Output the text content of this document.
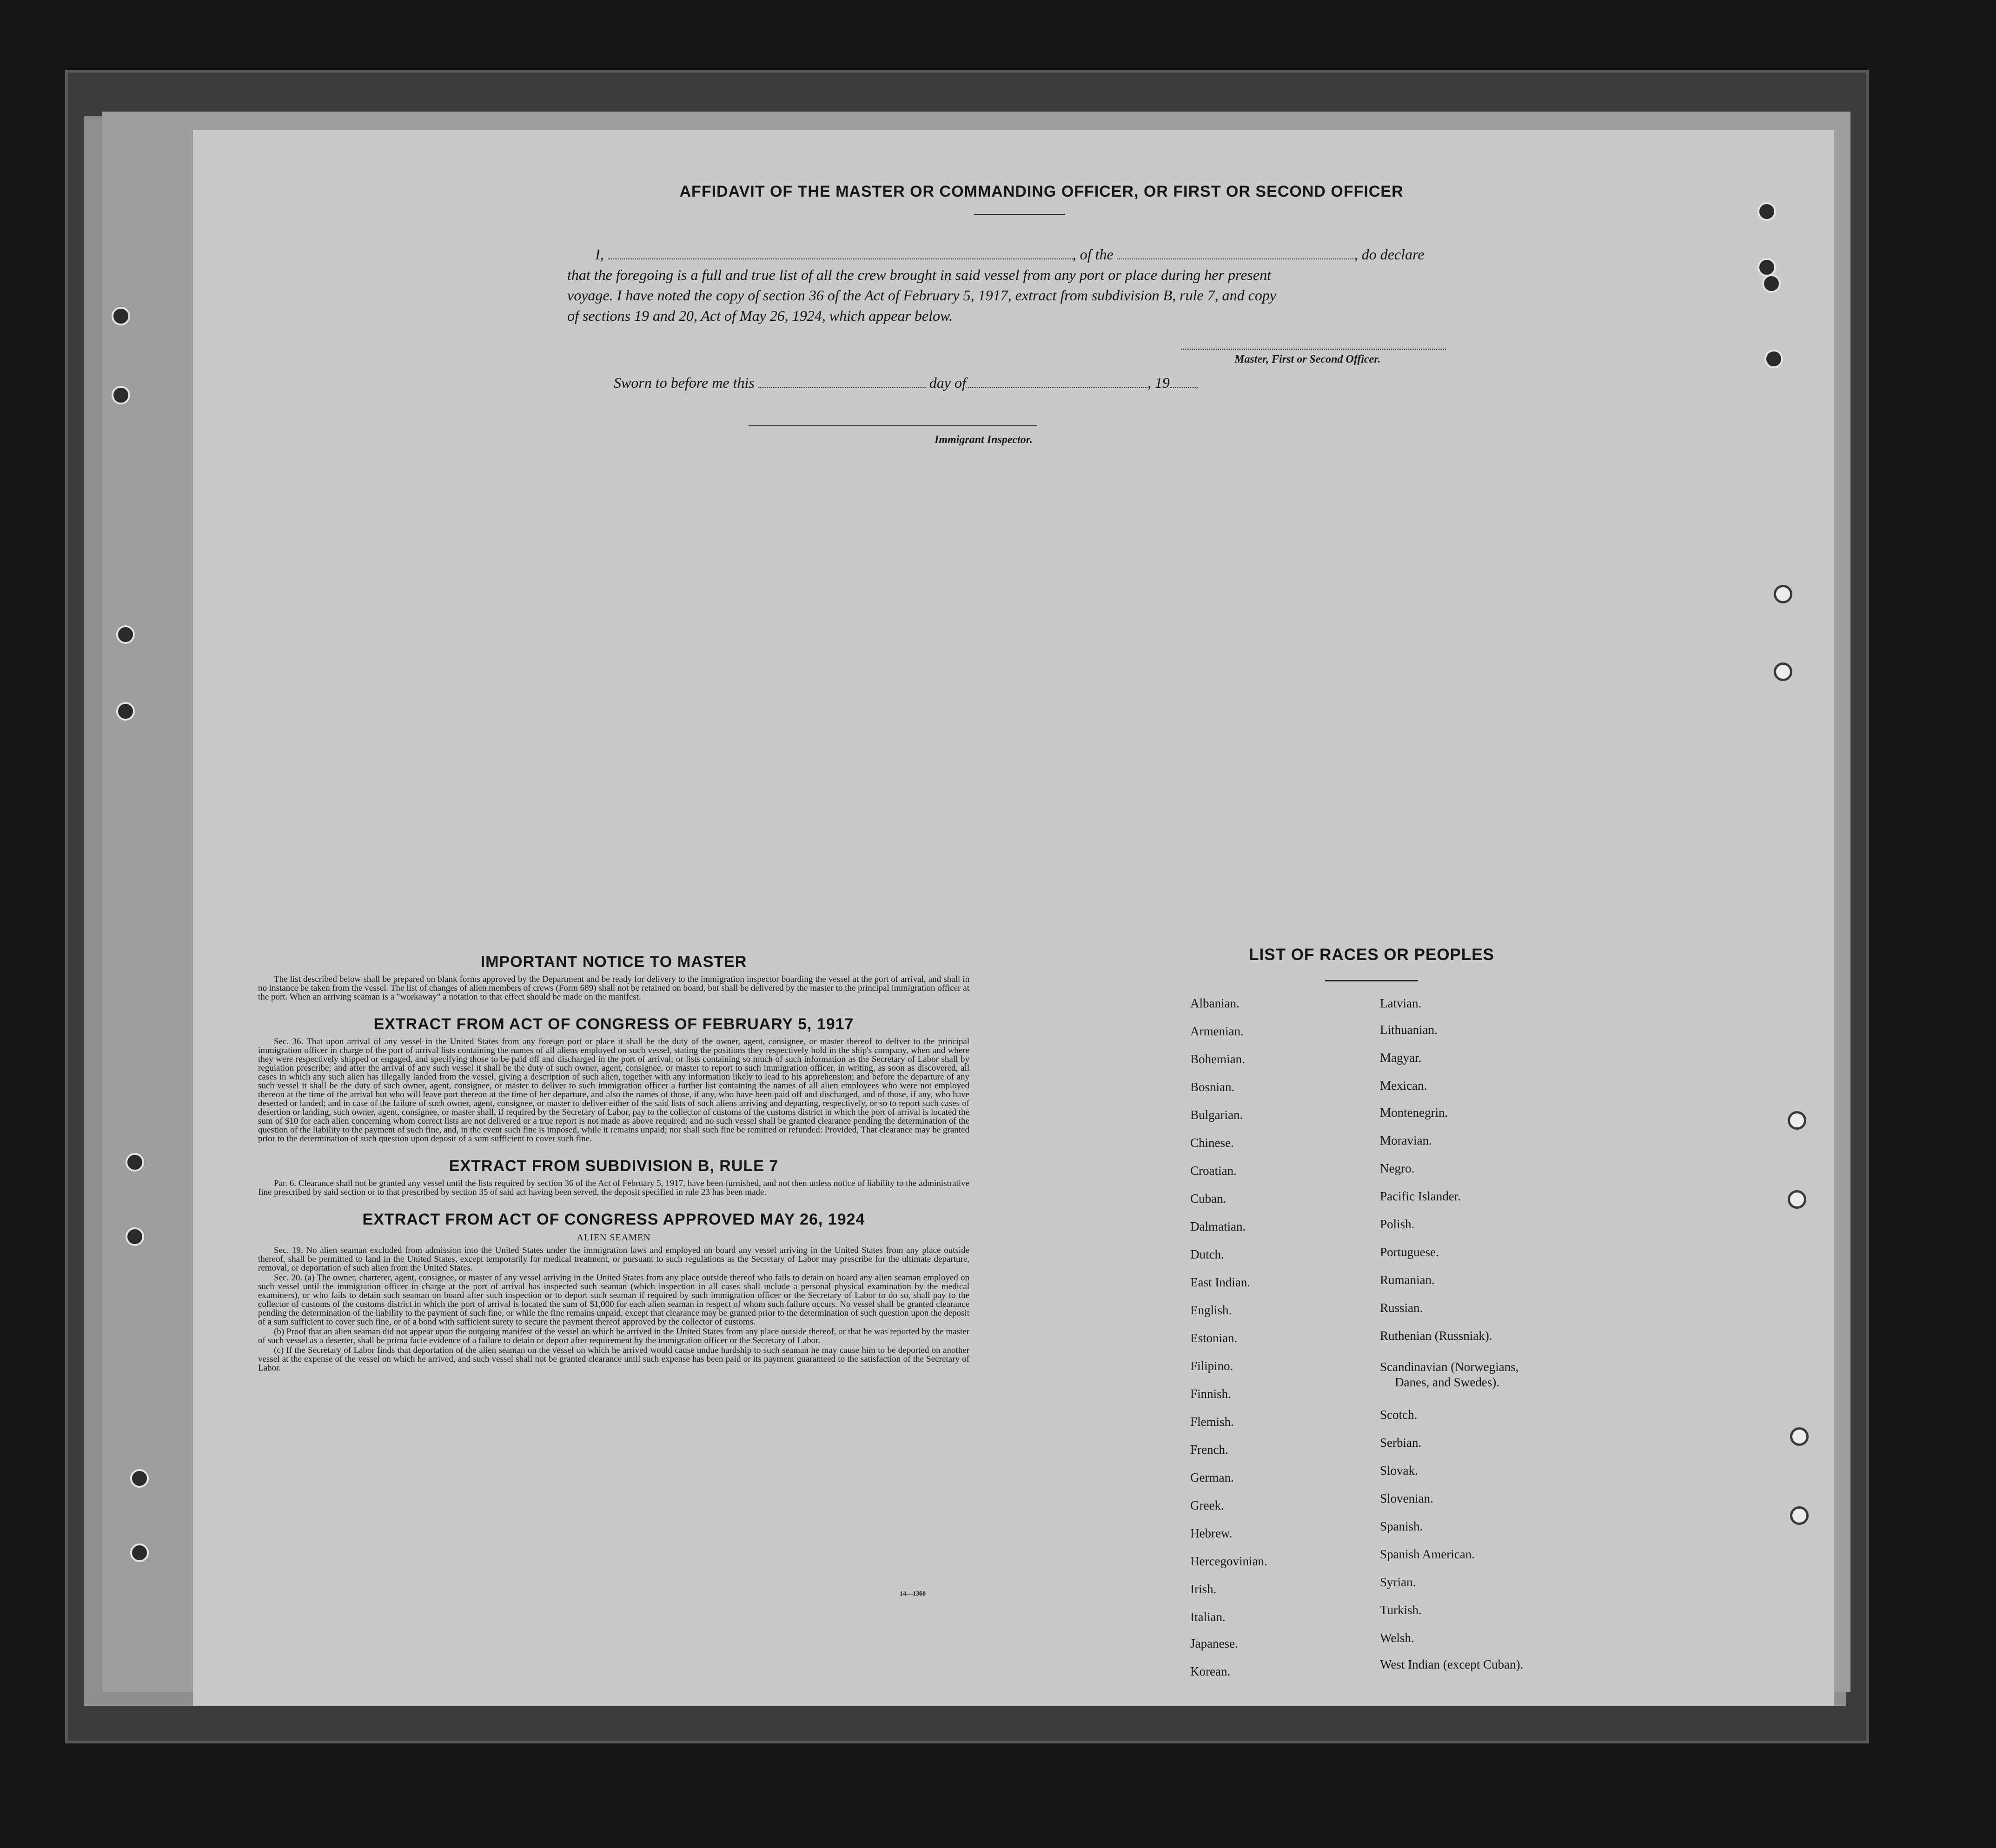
AFFIDAVIT OF THE MASTER OR COMMANDING OFFICER, OR FIRST OR SECOND OFFICER
I,	, of the	, do declare
that the foregoing is a full and true list of all the crew brought in said vessel from any port or place during her present
voyage. I have noted the copy of section 36 of the Act of February 5, 1917, extract from subdivision B, rule 7, and copy
of sections 19 and 20, Act of May 26, 1924, which appear below.
Master, First or Second Officer.
Sworn to before me this	day of	, 19
Immigrant Inspector.
IMPORTANT NOTICE TO MASTER

The list described below shall be prepared on blank forms approved by the Department and be ready for delivery to the immigration inspector boarding the vessel at the port of arrival, and shall in no instance be taken from the vessel. The list of changes of alien members of crews (Form 689) shall not be retained on board, but shall be delivered by the master to the principal immigration officer at the port. When an arriving seaman is a "workaway" a notation to that effect should be made on the manifest.

EXTRACT FROM ACT OF CONGRESS OF FEBRUARY 5, 1917

Sec. 36. That upon arrival of any vessel in the United States from any foreign port or place it shall be the duty of the owner, agent, consignee, or master thereof to deliver to the principal immigration officer in charge of the port of arrival lists containing the names of all aliens employed on such vessel, stating the positions they respectively hold in the ship's company, when and where they were respectively shipped or engaged, and specifying those to be paid off and discharged in the port of arrival; or lists containing so much of such information as the Secretary of Labor shall by regulation prescribe; and after the arrival of any such vessel it shall be the duty of such owner, agent, consignee, or master to report to such immigration officer, in writing, as soon as discovered, all cases in which any such alien has illegally landed from the vessel, giving a description of such alien, together with any information likely to lead to his apprehension; and before the departure of any such vessel it shall be the duty of such owner, agent, consignee, or master to deliver to such immigration officer a further list containing the names of all alien employees who were not employed thereon at the time of the arrival but who will leave port thereon at the time of her departure, and also the names of those, if any, who have been paid off and discharged, and of those, if any, who have deserted or landed; and in case of the failure of such owner, agent, consignee, or master to deliver either of the said lists of such aliens arriving and departing, respectively, or so to report such cases of desertion or landing, such owner, agent, consignee, or master shall, if required by the Secretary of Labor, pay to the collector of customs of the customs district in which the port of arrival is located the sum of $10 for each alien concerning whom correct lists are not delivered or a true report is not made as above required; and no such vessel shall be granted clearance pending the determination of the question of the liability to the payment of such fine, and, in the event such fine is imposed, while it remains unpaid; nor shall such fine be remitted or refunded: Provided, That clearance may be granted prior to the determination of such question upon deposit of a sum sufficient to cover such fine.

EXTRACT FROM SUBDIVISION B, RULE 7

Par. 6. Clearance shall not be granted any vessel until the lists required by section 36 of the Act of February 5, 1917, have been furnished, and not then unless notice of liability to the administrative fine prescribed by said section or to that prescribed by section 35 of said act having been served, the deposit specified in rule 23 has been made.

EXTRACT FROM ACT OF CONGRESS APPROVED MAY 26, 1924
ALIEN SEAMEN

Sec. 19. No alien seaman excluded from admission into the United States under the immigration laws and employed on board any vessel arriving in the United States from any place outside thereof, shall be permitted to land in the United States, except temporarily for medical treatment, or pursuant to such regulations as the Secretary of Labor may prescribe for the ultimate departure, removal, or deportation of such alien from the United States.

Sec. 20. (a) The owner, charterer, agent, consignee, or master of any vessel arriving in the United States from any place outside thereof who fails to detain on board any alien seaman employed on such vessel until the immigration officer in charge at the port of arrival has inspected such seaman (which inspection in all cases shall include a personal physical examination by the medical examiners), or who fails to detain such seaman on board after such inspection or to deport such seaman if required by such immigration officer or the Secretary of Labor to do so, shall pay to the collector of customs of the customs district in which the port of arrival is located the sum of $1,000 for each alien seaman in respect of whom such failure occurs. No vessel shall be granted clearance pending the determination of the liability to the payment of such fine, or while the fine remains unpaid, except that clearance may be granted prior to the determination of such question upon the deposit of a sum sufficient to cover such fine, or of a bond with sufficient surety to secure the payment thereof approved by the collector of customs.

(b) Proof that an alien seaman did not appear upon the outgoing manifest of the vessel on which he arrived in the United States from any place outside thereof, or that he was reported by the master of such vessel as a deserter, shall be prima facie evidence of a failure to detain or deport after requirement by the immigration officer or the Secretary of Labor.

(c) If the Secretary of Labor finds that deportation of the alien seaman on the vessel on which he arrived would cause undue hardship to such seaman he may cause him to be deported on another vessel at the expense of the vessel on which he arrived, and such vessel shall not be granted clearance until such expense has been paid or its payment guaranteed to the satisfaction of the Secretary of Labor.

14—1360
LIST OF RACES OR PEOPLES
Albanian.
Armenian.
Bohemian.
Bosnian.
Bulgarian.
Chinese.
Croatian.
Cuban.
Dalmatian.
Dutch.
East Indian.
English.
Estonian.
Filipino.
Finnish.
Flemish.
French.
German.
Greek.
Hebrew.
Hercegovinian.
Irish.
Italian.
Japanese.
Korean.
Latvian.
Lithuanian.
Magyar.
Mexican.
Montenegrin.
Moravian.
Negro.
Pacific Islander.
Polish.
Portuguese.
Rumanian.
Russian.
Ruthenian (Russniak).
Scandinavian (Norwegians,
Danes, and Swedes).
Scotch.
Serbian.
Slovak.
Slovenian.
Spanish.
Spanish American.
Syrian.
Turkish.
Welsh.
West Indian (except Cuban).
